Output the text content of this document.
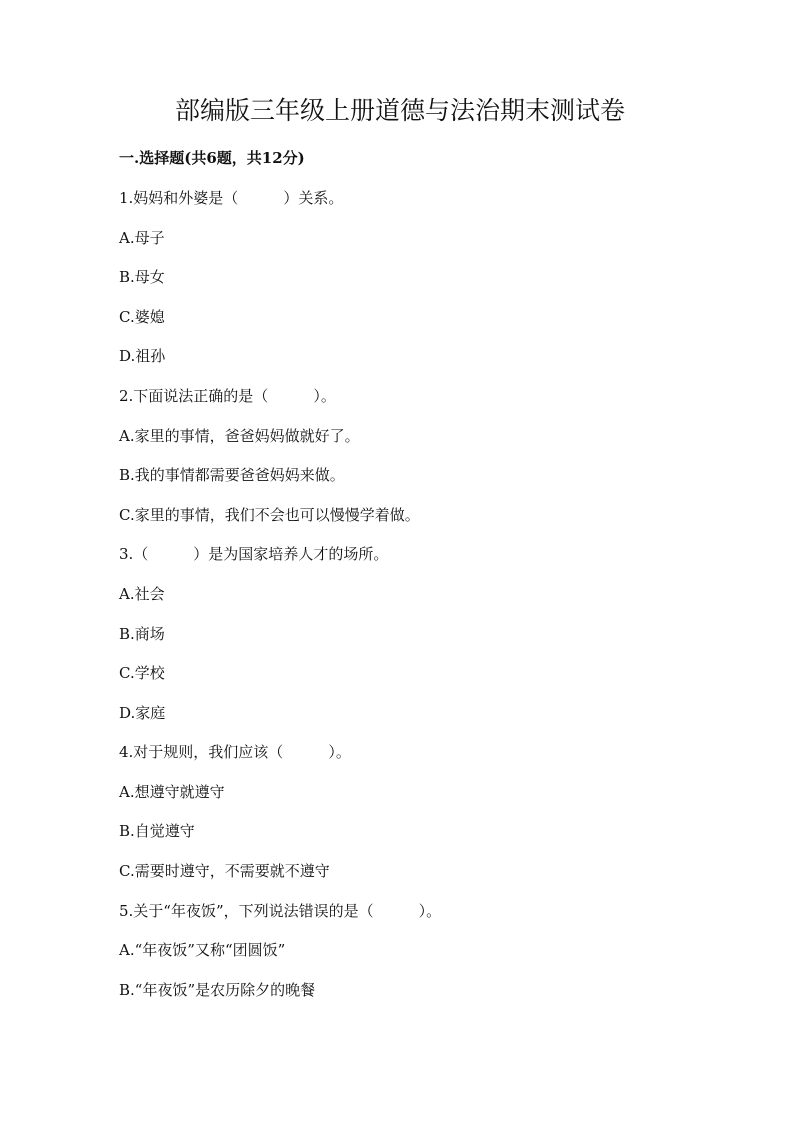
部编版三年级上册道德与法治期末测试卷
一.选择题(共6题，共12分)
1.妈妈和外婆是（　　　）关系。
A.母子
B.母女
C.婆媳
D.祖孙
2.下面说法正确的是（　　　）。
A.家里的事情，爸爸妈妈做就好了。
B.我的事情都需要爸爸妈妈来做。
C.家里的事情，我们不会也可以慢慢学着做。
3.（　　　）是为国家培养人才的场所。
A.社会
B.商场
C.学校
D.家庭
4.对于规则，我们应该（　　　）。
A.想遵守就遵守
B.自觉遵守
C.需要时遵守，不需要就不遵守
5.关于“年夜饭”，下列说法错误的是（　　　）。
A.“年夜饭”又称“团圆饭”
B.“年夜饭”是农历除夕的晚餐
